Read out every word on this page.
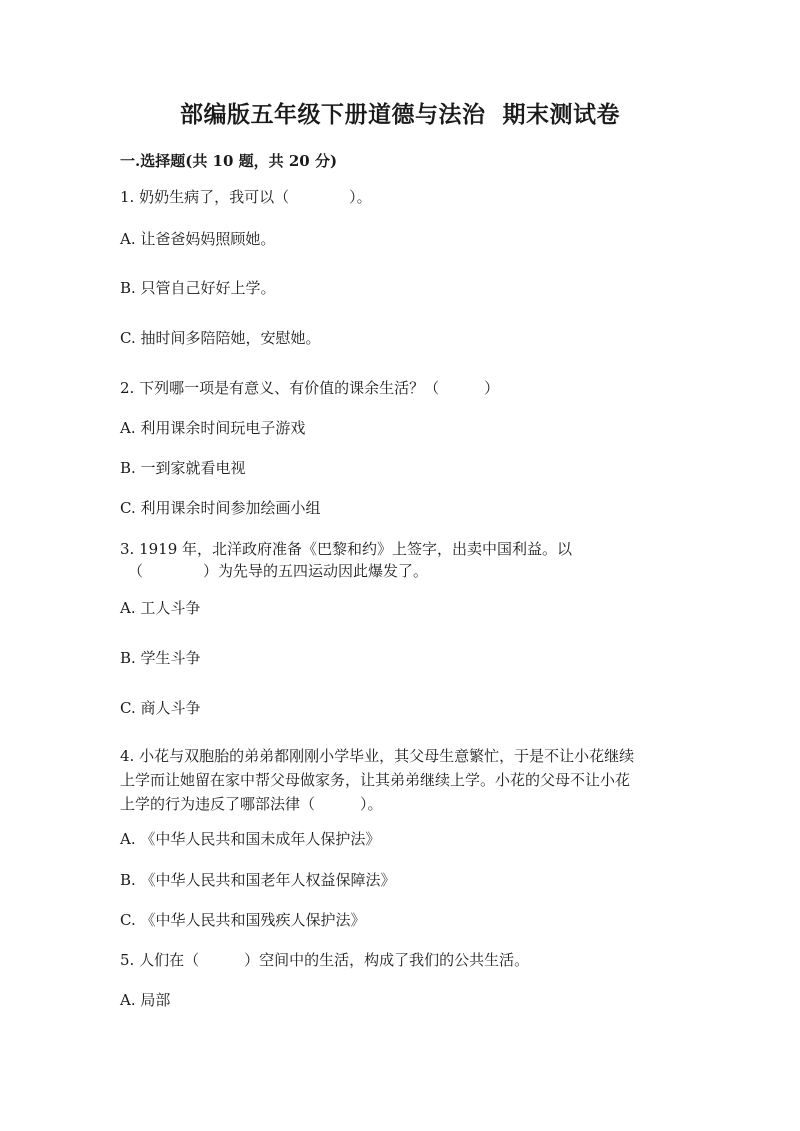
部编版五年级下册道德与法治  期末测试卷
一.选择题(共 10 题，共 20 分)
1. 奶奶生病了，我可以（　　　　）。
A. 让爸爸妈妈照顾她。
B. 只管自己好好上学。
C. 抽时间多陪陪她，安慰她。
2. 下列哪一项是有意义、有价值的课余生活？（　　　）
A. 利用课余时间玩电子游戏
B. 一到家就看电视
C. 利用课余时间参加绘画小组
3. 1919 年，北洋政府准备《巴黎和约》上签字，出卖中国利益。以
（　　　　）为先导的五四运动因此爆发了。
A. 工人斗争
B. 学生斗争
C. 商人斗争
4. 小花与双胞胎的弟弟都刚刚小学毕业，其父母生意繁忙，于是不让小花继续
上学而让她留在家中帮父母做家务，让其弟弟继续上学。小花的父母不让小花
上学的行为违反了哪部法律（　　　）。
A. 《中华人民共和国未成年人保护法》
B. 《中华人民共和国老年人权益保障法》
C. 《中华人民共和国残疾人保护法》
5. 人们在（　　　）空间中的生活，构成了我们的公共生活。
A. 局部
